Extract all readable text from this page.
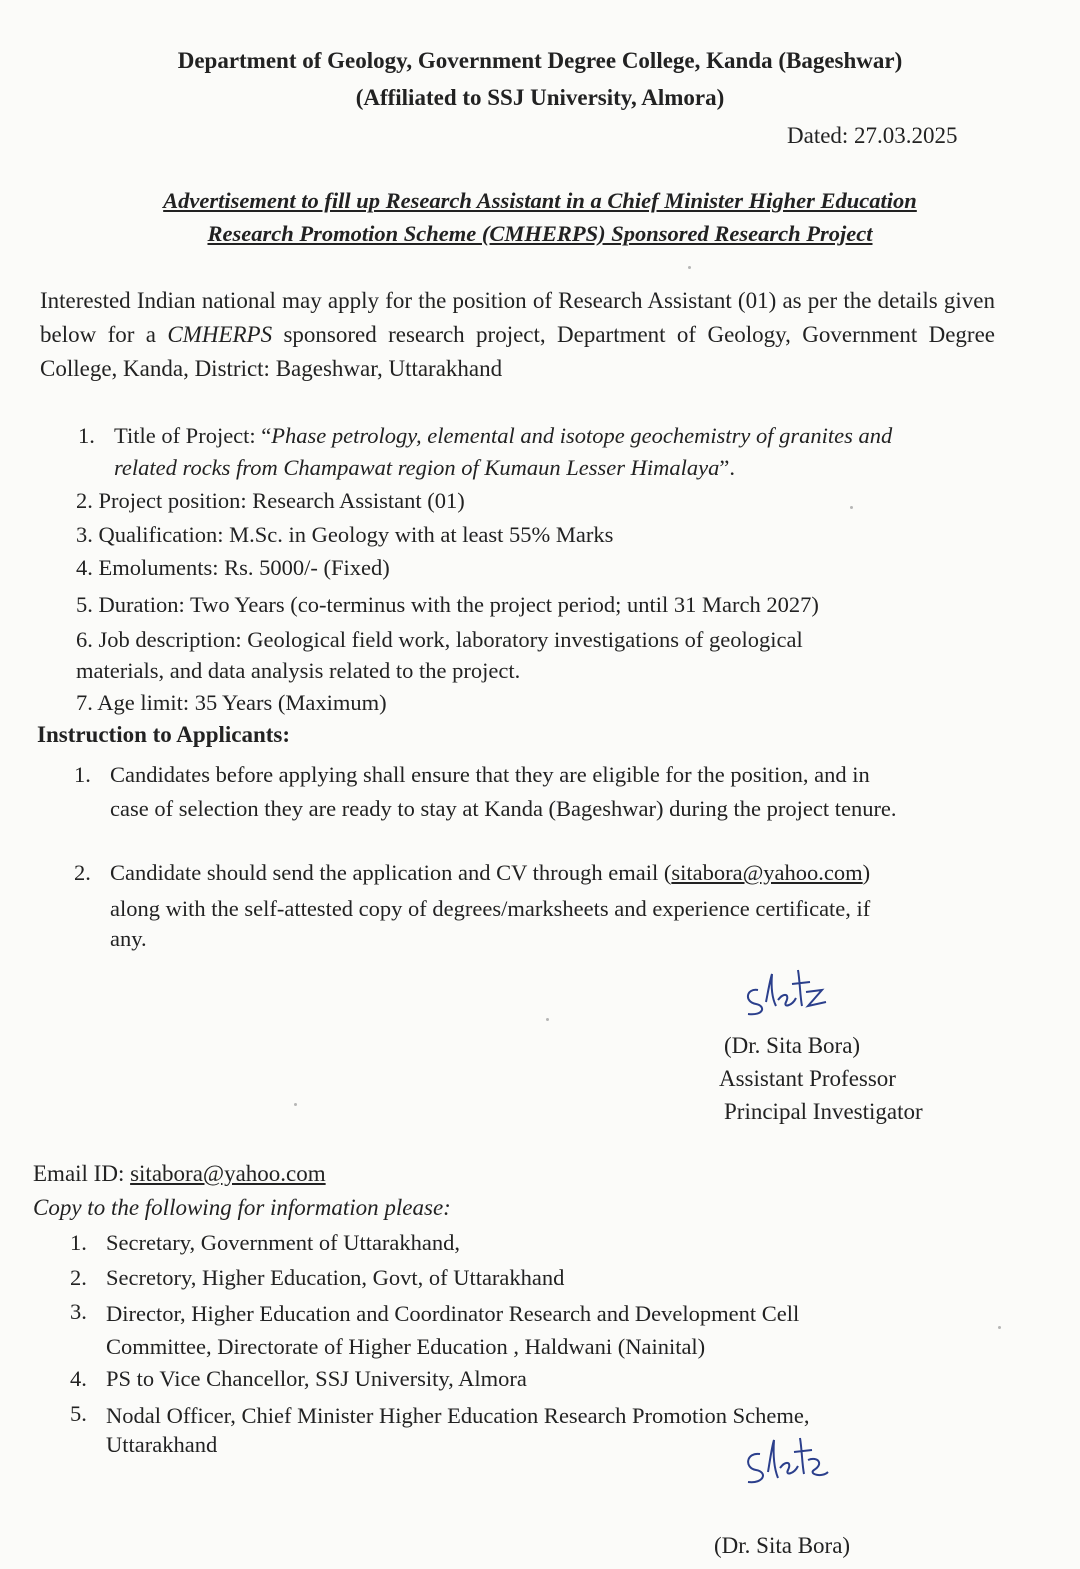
Department of Geology, Government Degree College, Kanda (Bageshwar)
(Affiliated to SSJ University, Almora)
Dated: 27.03.2025
Advertisement to fill up Research Assistant in a Chief Minister Higher Education
Research Promotion Scheme (CMHERPS) Sponsored Research Project
Interested Indian national may apply for the position of Research Assistant (01) as per the details given below for a CMHERPS sponsored research project, Department of Geology, Government Degree College, Kanda, District: Bageshwar, Uttarakhand
1. Title of Project: “Phase petrology, elemental and isotope geochemistry of granites and
related rocks from Champawat region of Kumaun Lesser Himalaya”.
2. Project position: Research Assistant (01)
3. Qualification: M.Sc. in Geology with at least 55% Marks
4. Emoluments: Rs. 5000/- (Fixed)
5. Duration: Two Years (co-terminus with the project period; until 31 March 2027)
6. Job description: Geological field work, laboratory investigations of geological
materials, and data analysis related to the project.
7. Age limit: 35 Years (Maximum)
Instruction to Applicants:
1. Candidates before applying shall ensure that they are eligible for the position, and in
case of selection they are ready to stay at Kanda (Bageshwar) during the project tenure.
2. Candidate should send the application and CV through email (sitabora@yahoo.com)
along with the self-attested copy of degrees/marksheets and experience certificate, if
any.
(Dr. Sita Bora)
Assistant Professor
Principal Investigator
Email ID: sitabora@yahoo.com
Copy to the following for information please:
1. Secretary, Government of Uttarakhand,
2. Secretory, Higher Education, Govt, of Uttarakhand
3. Director, Higher Education and Coordinator Research and Development Cell
Committee, Directorate of Higher Education , Haldwani (Nainital)
4. PS to Vice Chancellor, SSJ University, Almora
5. Nodal Officer, Chief Minister Higher Education Research Promotion Scheme,
Uttarakhand
(Dr. Sita Bora)
